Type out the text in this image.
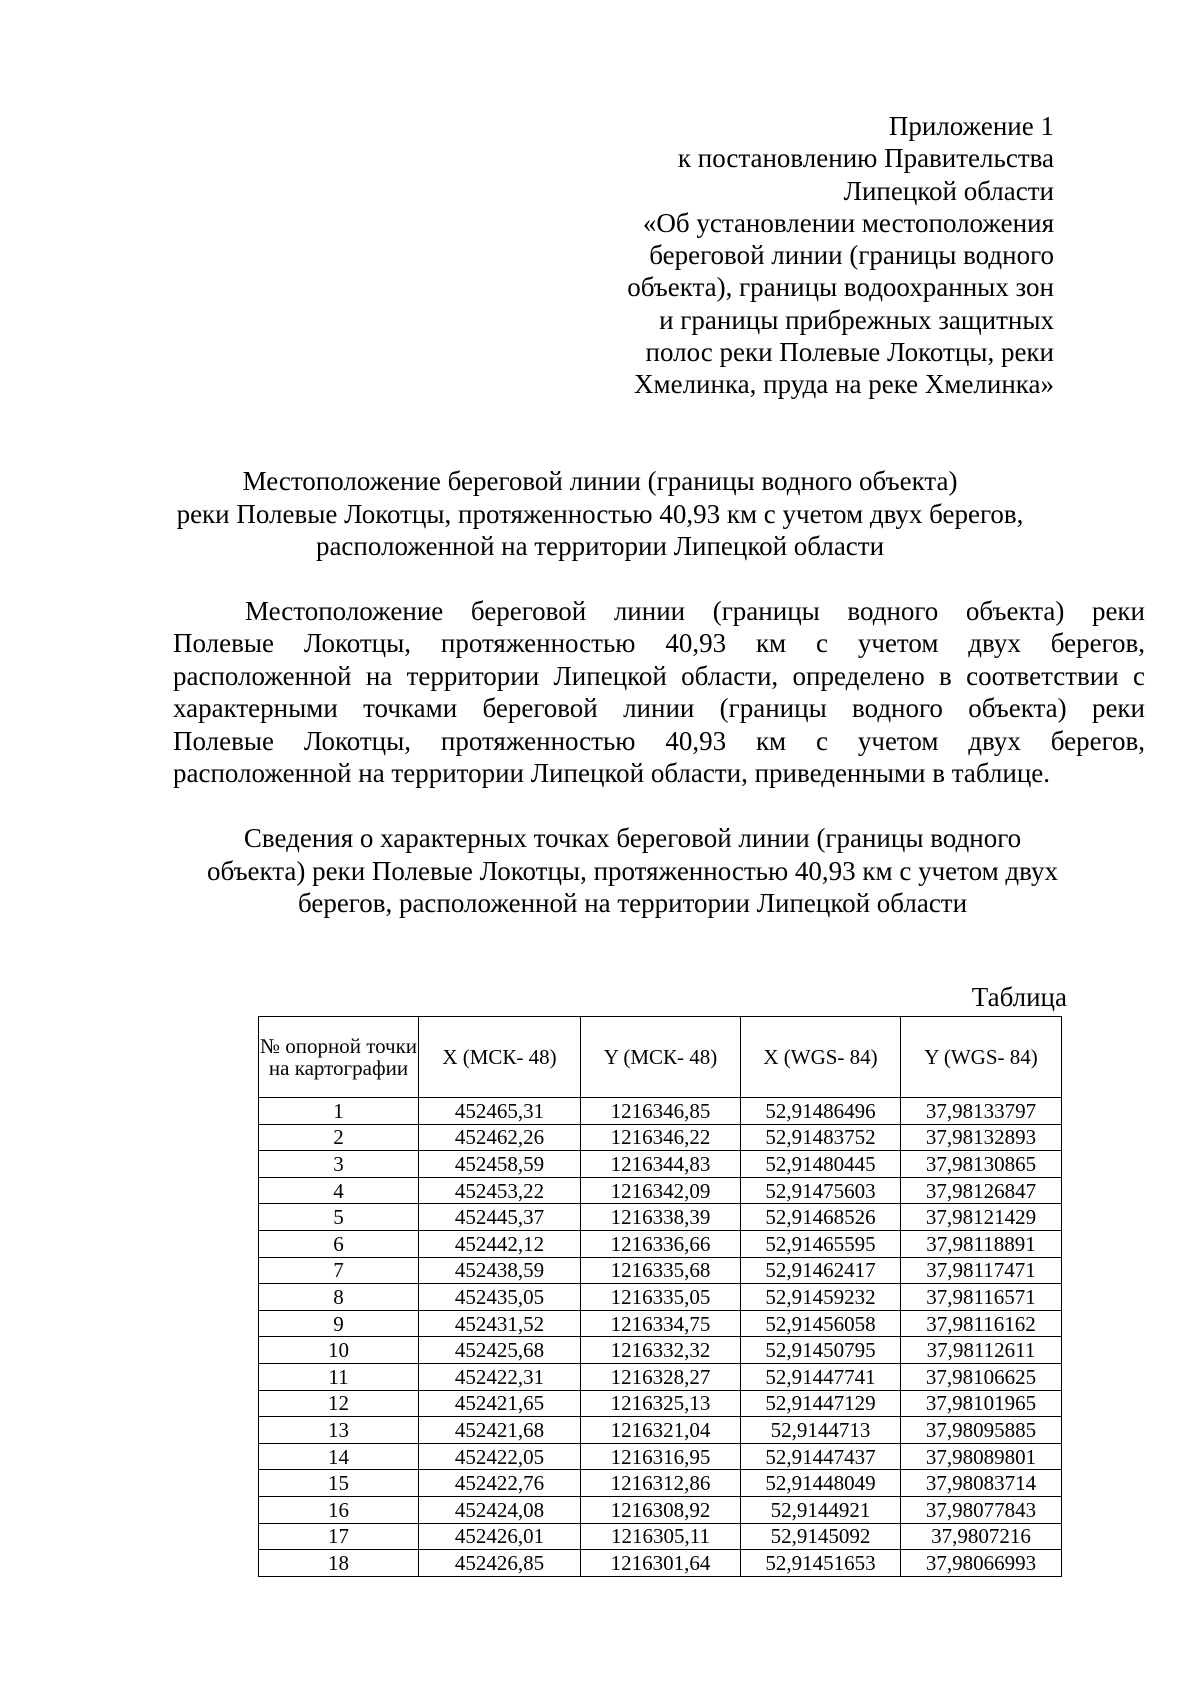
Приложение 1
к постановлению Правительства
Липецкой области
«Об установлении местоположения
береговой линии (границы водного
объекта), границы водоохранных зон
и границы прибрежных защитных
полос реки Полевые Локотцы, реки
Хмелинка, пруда на реке Хмелинка»
Местоположение береговой линии (границы водного объекта)
реки Полевые Локотцы, протяженностью 40,93 км с учетом двух берегов,
расположенной на территории Липецкой области
Местоположение береговой линии (границы водного объекта) реки
Полевые Локотцы, протяженностью 40,93 км с учетом двух берегов,
расположенной на территории Липецкой области, определено в соответствии с
характерными точками береговой линии (границы водного объекта) реки
Полевые Локотцы, протяженностью 40,93 км с учетом двух берегов,
расположенной на территории Липецкой области, приведенными в таблице.
Сведения о характерных точках береговой линии (границы водного
объекта) реки Полевые Локотцы, протяженностью 40,93 км с учетом двух
берегов, расположенной на территории Липецкой области
Таблица
№ опорной точки на картографии	X (МСК- 48)	Y (МСК- 48)	X (WGS- 84)	Y (WGS- 84)
1	452465,31	1216346,85	52,91486496	37,98133797
2	452462,26	1216346,22	52,91483752	37,98132893
3	452458,59	1216344,83	52,91480445	37,98130865
4	452453,22	1216342,09	52,91475603	37,98126847
5	452445,37	1216338,39	52,91468526	37,98121429
6	452442,12	1216336,66	52,91465595	37,98118891
7	452438,59	1216335,68	52,91462417	37,98117471
8	452435,05	1216335,05	52,91459232	37,98116571
9	452431,52	1216334,75	52,91456058	37,98116162
10	452425,68	1216332,32	52,91450795	37,98112611
11	452422,31	1216328,27	52,91447741	37,98106625
12	452421,65	1216325,13	52,91447129	37,98101965
13	452421,68	1216321,04	52,9144713	37,98095885
14	452422,05	1216316,95	52,91447437	37,98089801
15	452422,76	1216312,86	52,91448049	37,98083714
16	452424,08	1216308,92	52,9144921	37,98077843
17	452426,01	1216305,11	52,9145092	37,9807216
18	452426,85	1216301,64	52,91451653	37,98066993
